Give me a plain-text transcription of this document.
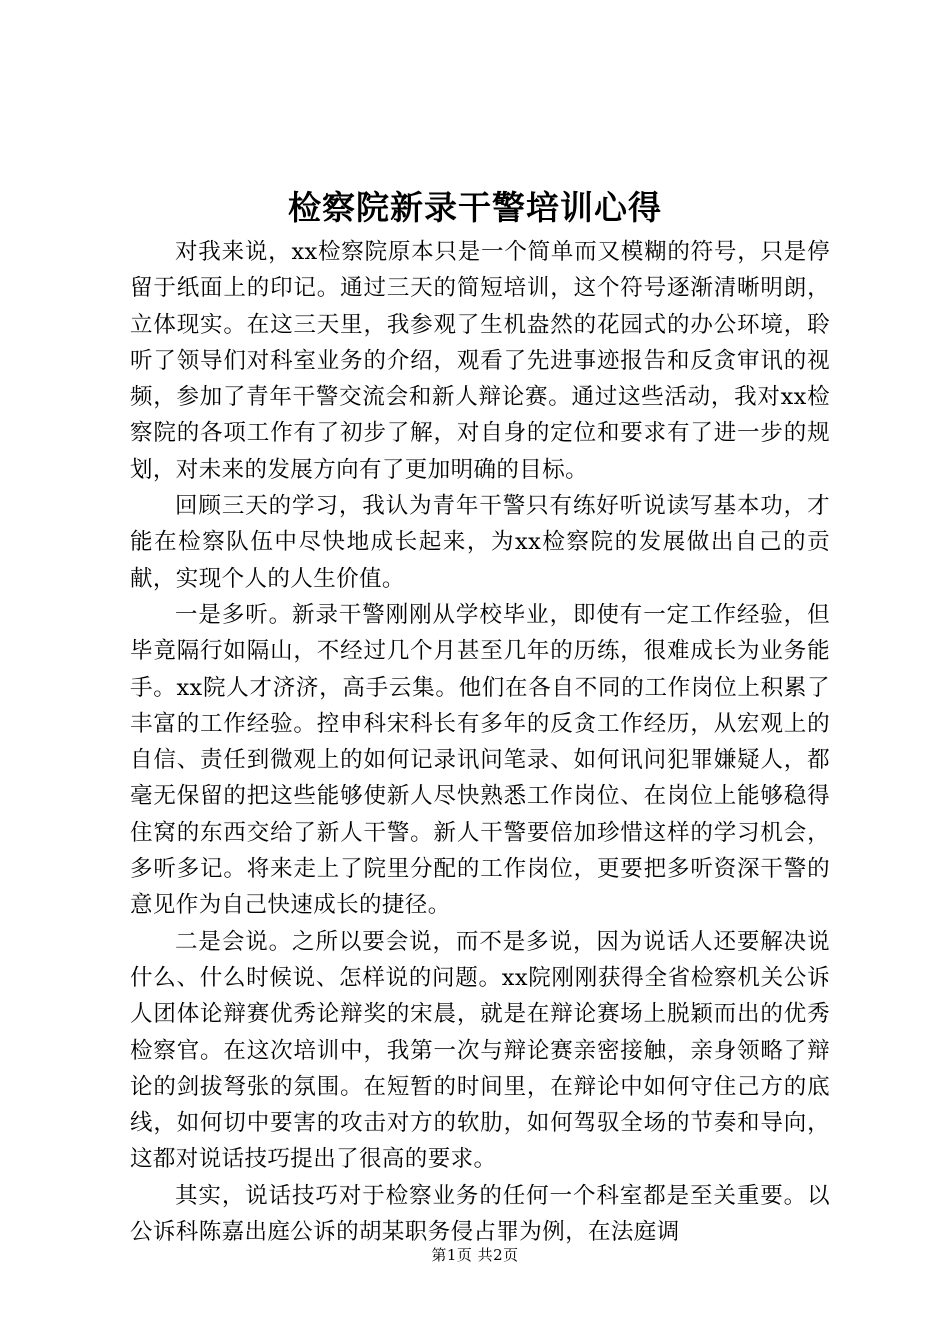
检察院新录干警培训心得

对我来说，xx检察院原本只是一个简单而又模糊的符号，只是停留于纸面上的印记。通过三天的简短培训，这个符号逐渐清晰明朗，立体现实。在这三天里，我参观了生机盎然的花园式的办公环境，聆听了领导们对科室业务的介绍，观看了先进事迹报告和反贪审讯的视频，参加了青年干警交流会和新人辩论赛。通过这些活动，我对xx检察院的各项工作有了初步了解，对自身的定位和要求有了进一步的规划，对未来的发展方向有了更加明确的目标。

回顾三天的学习，我认为青年干警只有练好听说读写基本功，才能在检察队伍中尽快地成长起来，为xx检察院的发展做出自己的贡献，实现个人的人生价值。

一是多听。新录干警刚刚从学校毕业，即使有一定工作经验，但毕竟隔行如隔山，不经过几个月甚至几年的历练，很难成长为业务能手。xx院人才济济，高手云集。他们在各自不同的工作岗位上积累了丰富的工作经验。控申科宋科长有多年的反贪工作经历，从宏观上的自信、责任到微观上的如何记录讯问笔录、如何讯问犯罪嫌疑人，都毫无保留的把这些能够使新人尽快熟悉工作岗位、在岗位上能够稳得住窝的东西交给了新人干警。新人干警要倍加珍惜这样的学习机会，多听多记。将来走上了院里分配的工作岗位，更要把多听资深干警的意见作为自己快速成长的捷径。

二是会说。之所以要会说，而不是多说，因为说话人还要解决说什么、什么时候说、怎样说的问题。xx院刚刚获得全省检察机关公诉人团体论辩赛优秀论辩奖的宋晨，就是在辩论赛场上脱颖而出的优秀检察官。在这次培训中，我第一次与辩论赛亲密接触，亲身领略了辩论的剑拔弩张的氛围。在短暂的时间里，在辩论中如何守住己方的底线，如何切中要害的攻击对方的软肋，如何驾驭全场的节奏和导向，这都对说话技巧提出了很高的要求。

其实，说话技巧对于检察业务的任何一个科室都是至关重要。以公诉科陈嘉出庭公诉的胡某职务侵占罪为例，在法庭调

第1页 共2页
